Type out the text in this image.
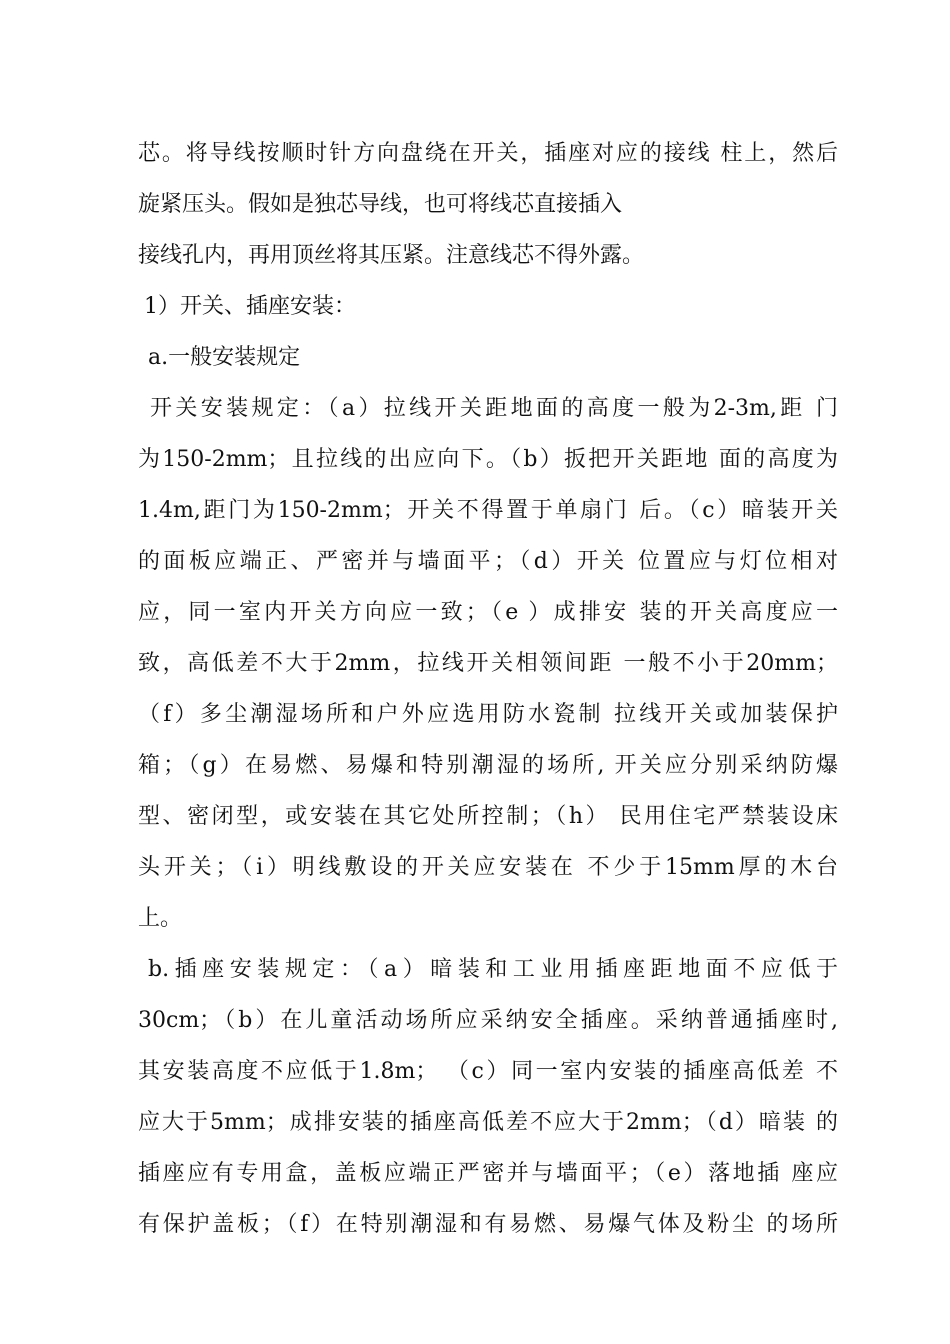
芯。将导线按顺时针方向盘绕在开关，插座对应的接线 柱上，然后
旋紧压头。假如是独芯导线，也可将线芯直接插入
接线孔内，再用顶丝将其压紧。注意线芯不得外露。
1）开关、插座安装：
a.一般安装规定
开关安装规定：（a）拉线开关距地面的高度一般为2-3m,距 门
为150-2mm；且拉线的出应向下。（b）扳把开关距地 面的高度为
1.4m,距门为150-2mm；开关不得置于单扇门 后。（c）暗装开关
的面板应端正、严密并与墙面平；（d）开关 位置应与灯位相对
应，同一室内开关方向应一致；（e ）成排安 装的开关高度应一
致，高低差不大于2mm，拉线开关相领间距 一般不小于20mm；
（f）多尘潮湿场所和户外应选用防水瓷制 拉线开关或加装保护
箱；（g）在易燃、易爆和特别潮湿的场所, 开关应分别采纳防爆
型、密闭型，或安装在其它处所控制；（h） 民用住宅严禁装设床
头开关；（i）明线敷设的开关应安装在 不少于15mm厚的木台
上。
b.插座安装规定：（a）暗装和工业用插座距地面不应低于
30cm；（b）在儿童活动场所应采纳安全插座。采纳普通插座时,
其安装高度不应低于1.8m； （c）同一室内安装的插座高低差 不
应大于5mm；成排安装的插座高低差不应大于2mm；（d）暗装 的
插座应有专用盒，盖板应端正严密并与墙面平；（e）落地插 座应
有保护盖板；（f）在特别潮湿和有易燃、易爆气体及粉尘 的场所
